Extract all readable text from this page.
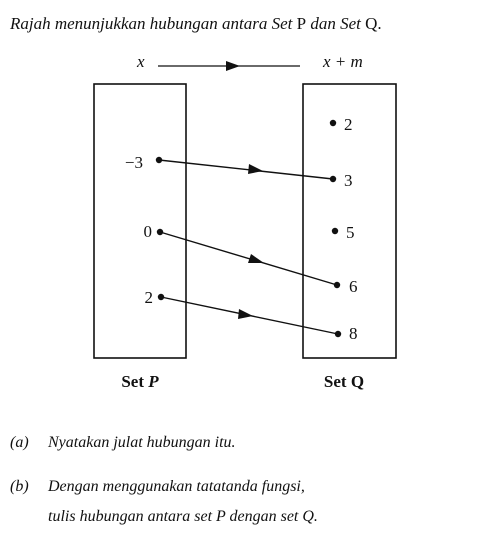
Rajah menunjukkan hubungan antara Set P dan Set Q.
x	x + m
−3
0
2
2
3
5
6
8
Set P	Set Q
(a) Nyatakan julat hubungan itu.
(b) Dengan menggunakan tatatanda fungsi,
tulis hubungan antara set P dengan set Q.
